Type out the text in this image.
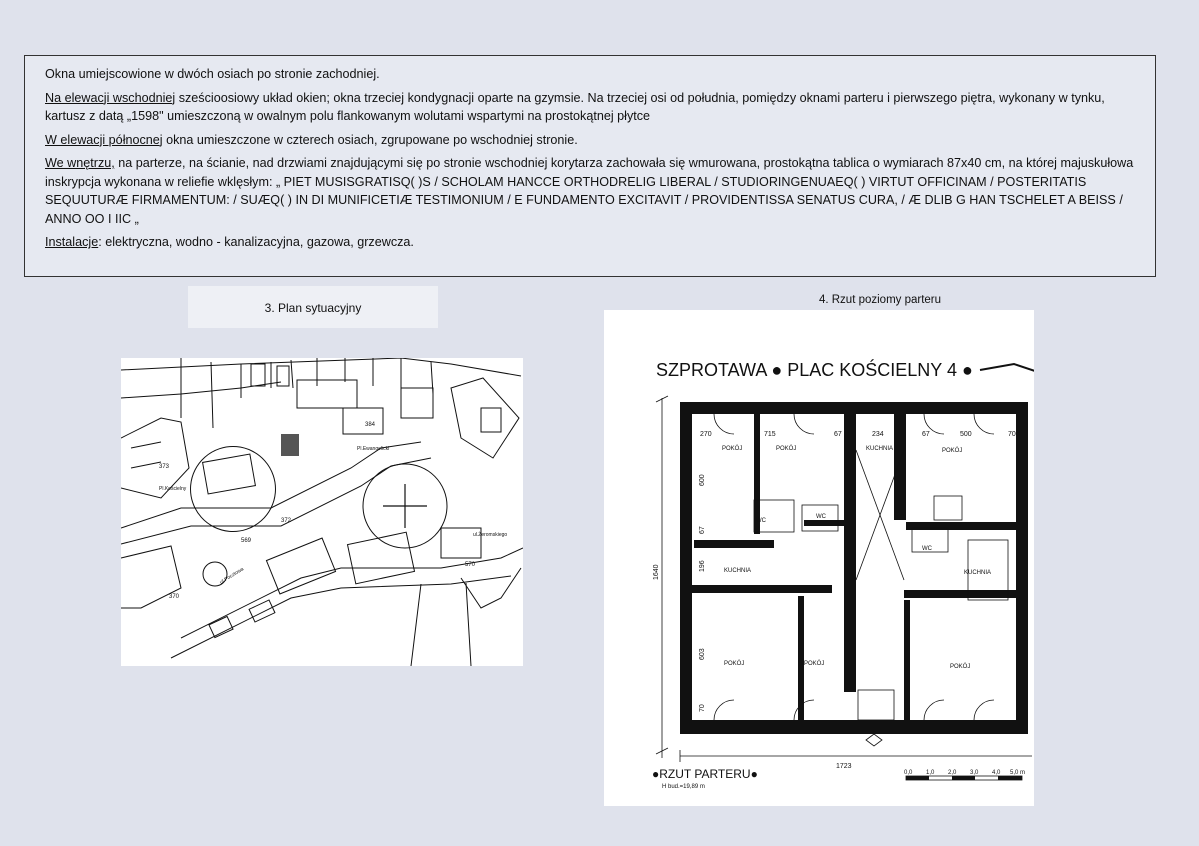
Okna umiejscowione w dwóch osiach po stronie zachodniej.

Na elewacji wschodniej sześcioosiowy układ okien; okna trzeciej kondygnacji oparte na gzymsie. Na trzeciej osi od południa, pomiędzy oknami parteru i pierwszego piętra, wykonany w tynku, kartusz z datą „1598" umieszczoną w owalnym polu flankowanym wolutami wspartymi na prostokątnej płytce

W elewacji północnej okna umieszczone w czterech osiach, zgrupowane po wschodniej stronie.

We wnętrzu, na parterze, na ścianie, nad drzwiami znajdującymi się po stronie wschodniej korytarza zachowała się wmurowana, prostokątna tablica o wymiarach 87x40 cm, na której majuskułowa inskrypcja wykonana w reliefie wklęsłym: „ PIET MUSISGRATISQ( )S / SCHOLAM HANCCE ORTHODRELIG LIBERAL / STUDIORINGENUAEQ( ) VIRTUT OFFICINAM / POSTERITATIS SEQUUTURÆ FIRMAMENTUM: / SUÆQ( ) IN DI MUNIFICETIÆ TESTIMONIUM / E FUNDAMENTO EXCITAVIT / PROVIDENTISSA SENATUS CURA, / Æ DLIB G HAN TSCHELET A BEISS / ANNO OO I IIC „

Instalacje: elektryczna, wodno - kanalizacyjna, gazowa, grzewcza.

3. Plan sytuacyjny
4. Rzut poziomy parteru
373
372
370
569
570
Pl.Ewangelicki
Pl.Kościelny
ul.Żeromskiego
ul.Pocztowa
384
SZPROTAWA ● PLAC KOŚCIELNY 4 ●
POKÓJ	POKÓJ	POKÓJ
KUCHNIA
KUCHNIA	KUCHNIA
WC
WC
WC
POKÓJ	POKÓJ	POKÓJ
1723
1640
715	67	234	67	500	70
270
600
67
196
603
70
●RZUT PARTERU●
H bud.=19,89 m
0,0 1,0 2,0 3,0 4,0 5,0 m
